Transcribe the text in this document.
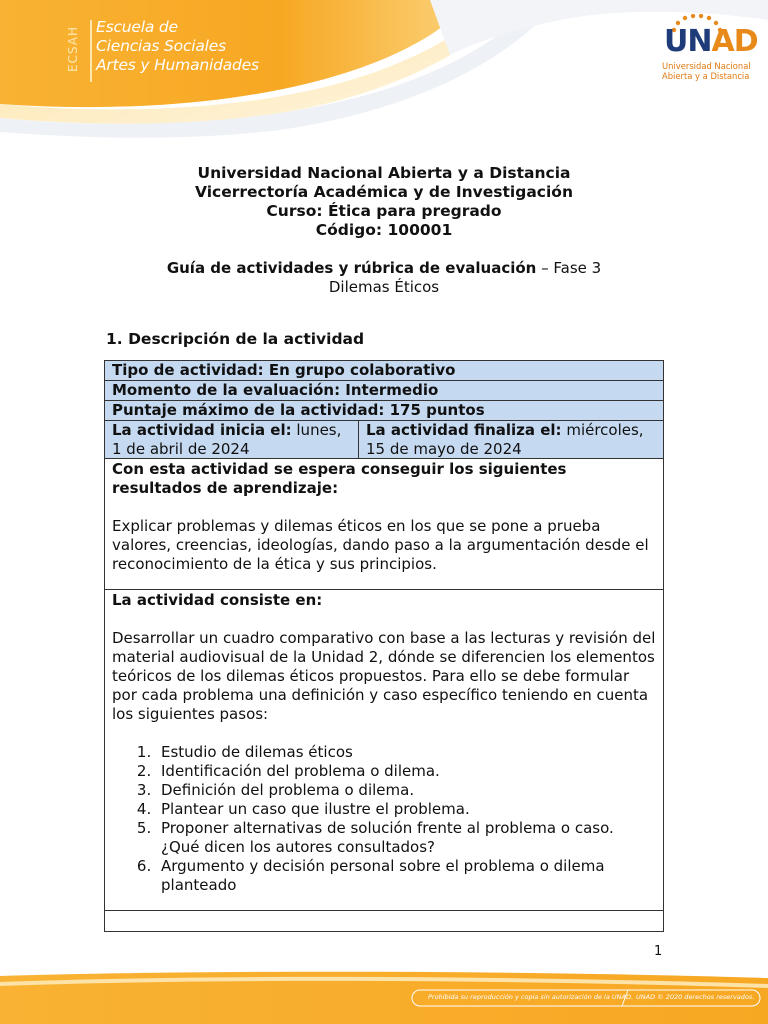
ECSAH Escuela de
Ciencias Sociales
Artes y Humanidades
UNAD
Universidad Nacional
Abierta y a Distancia
Universidad Nacional Abierta y a Distancia
Vicerrectoría Académica y de Investigación
Curso: Ética para pregrado
Código: 100001
Guía de actividades y rúbrica de evaluación – Fase 3
Dilemas Éticos
1. Descripción de la actividad
Tipo de actividad: En grupo colaborativo
Momento de la evaluación: Intermedio
Puntaje máximo de la actividad: 175 puntos
La actividad inicia el: lunes, 1 de abril de 2024
La actividad finaliza el: miércoles, 15 de mayo de 2024
Con esta actividad se espera conseguir los siguientes resultados de aprendizaje:
Explicar problemas y dilemas éticos en los que se pone a prueba valores, creencias, ideologías, dando paso a la argumentación desde el reconocimiento de la ética y sus principios.
La actividad consiste en:
Desarrollar un cuadro comparativo con base a las lecturas y revisión del material audiovisual de la Unidad 2, dónde se diferencien los elementos teóricos de los dilemas éticos propuestos. Para ello se debe formular por cada problema una definición y caso específico teniendo en cuenta los siguientes pasos:
1. Estudio de dilemas éticos
2. Identificación del problema o dilema.
3. Definición del problema o dilema.
4. Plantear un caso que ilustre el problema.
5. Proponer alternativas de solución frente al problema o caso. ¿Qué dicen los autores consultados?
6. Argumento y decisión personal sobre el problema o dilema planteado
1
Prohibida su reproducción y copia sin autorización de la UNAD. UNAD © 2020 derechos reservados.
